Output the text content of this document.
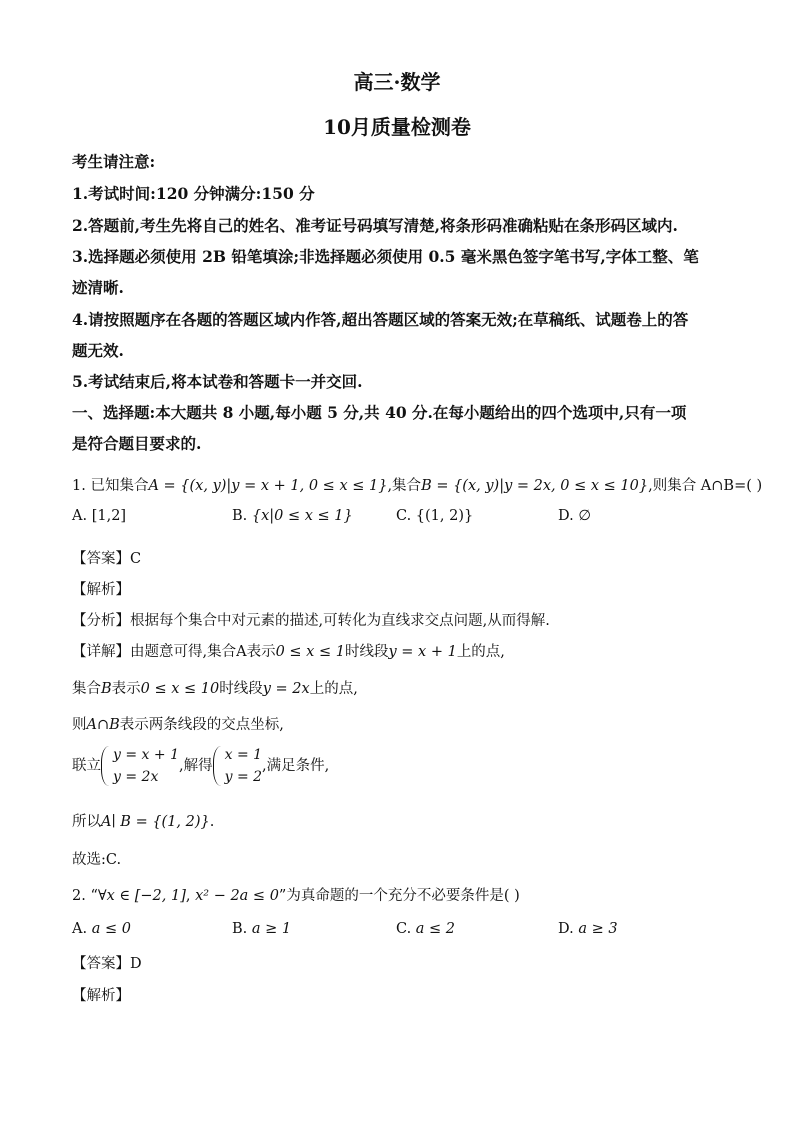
高三·数学
10月质量检测卷
考生请注意:
1.考试时间:120 分钟满分:150 分
2.答题前,考生先将自己的姓名、准考证号码填写清楚,将条形码准确粘贴在条形码区域内.
3.选择题必须使用 2B 铅笔填涂;非选择题必须使用 0.5 毫米黑色签字笔书写,字体工整、笔
迹清晰.
4.请按照题序在各题的答题区域内作答,超出答题区域的答案无效;在草稿纸、试题卷上的答
题无效.
5.考试结束后,将本试卷和答题卡一并交回.
一、选择题:本大题共 8 小题,每小题 5 分,共 40 分.在每小题给出的四个选项中,只有一项
是符合题目要求的.
1. 已知集合A = {(x, y)|y = x + 1, 0 ≤ x ≤ 1},集合B = {(x, y)|y = 2x, 0 ≤ x ≤ 10},则集合 A∩B=( )
A. [1,2]	B. {x|0 ≤ x ≤ 1}	C. {(1, 2)}	D. ∅
【答案】C
【解析】
【分析】根据每个集合中对元素的描述,可转化为直线求交点问题,从而得解.
【详解】由题意可得,集合A表示0 ≤ x ≤ 1时线段y = x + 1上的点,
集合B表示0 ≤ x ≤ 10时线段y = 2x上的点,
则A∩B表示两条线段的交点坐标,
联立
y = x + 1
y = 2x
,解得
x = 1
y = 2
,满足条件,
所以A∣ B = {(1, 2)}.
故选:C.
2. “∀x ∈ [−2, 1], x² − 2a ≤ 0”为真命题的一个充分不必要条件是( )
A. a ≤ 0	B. a ≥ 1	C. a ≤ 2	D. a ≥ 3
【答案】D
【解析】
